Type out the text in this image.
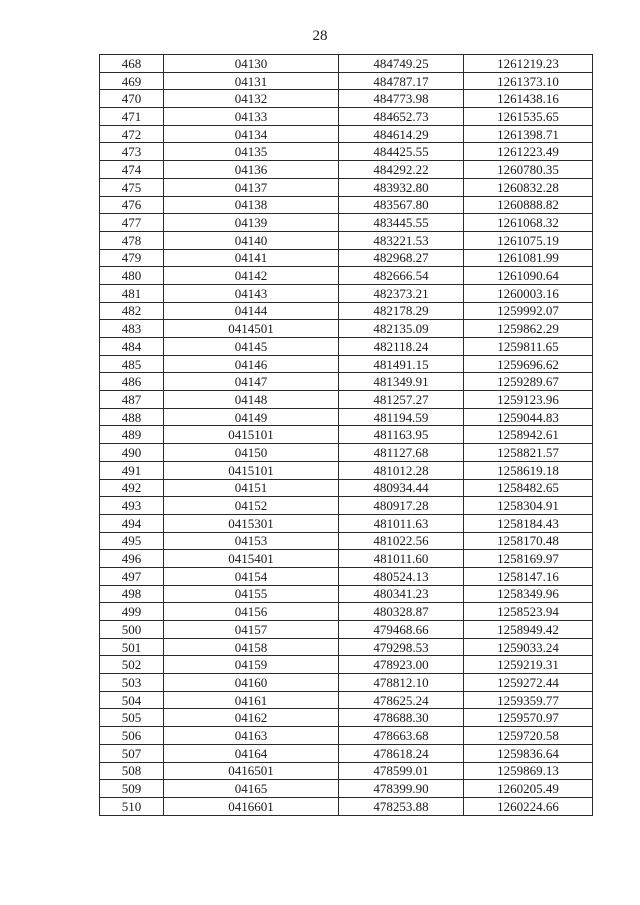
28
468	04130	484749.25	1261219.23
469	04131	484787.17	1261373.10
470	04132	484773.98	1261438.16
471	04133	484652.73	1261535.65
472	04134	484614.29	1261398.71
473	04135	484425.55	1261223.49
474	04136	484292.22	1260780.35
475	04137	483932.80	1260832.28
476	04138	483567.80	1260888.82
477	04139	483445.55	1261068.32
478	04140	483221.53	1261075.19
479	04141	482968.27	1261081.99
480	04142	482666.54	1261090.64
481	04143	482373.21	1260003.16
482	04144	482178.29	1259992.07
483	0414501	482135.09	1259862.29
484	04145	482118.24	1259811.65
485	04146	481491.15	1259696.62
486	04147	481349.91	1259289.67
487	04148	481257.27	1259123.96
488	04149	481194.59	1259044.83
489	0415101	481163.95	1258942.61
490	04150	481127.68	1258821.57
491	0415101	481012.28	1258619.18
492	04151	480934.44	1258482.65
493	04152	480917.28	1258304.91
494	0415301	481011.63	1258184.43
495	04153	481022.56	1258170.48
496	0415401	481011.60	1258169.97
497	04154	480524.13	1258147.16
498	04155	480341.23	1258349.96
499	04156	480328.87	1258523.94
500	04157	479468.66	1258949.42
501	04158	479298.53	1259033.24
502	04159	478923.00	1259219.31
503	04160	478812.10	1259272.44
504	04161	478625.24	1259359.77
505	04162	478688.30	1259570.97
506	04163	478663.68	1259720.58
507	04164	478618.24	1259836.64
508	0416501	478599.01	1259869.13
509	04165	478399.90	1260205.49
510	0416601	478253.88	1260224.66
